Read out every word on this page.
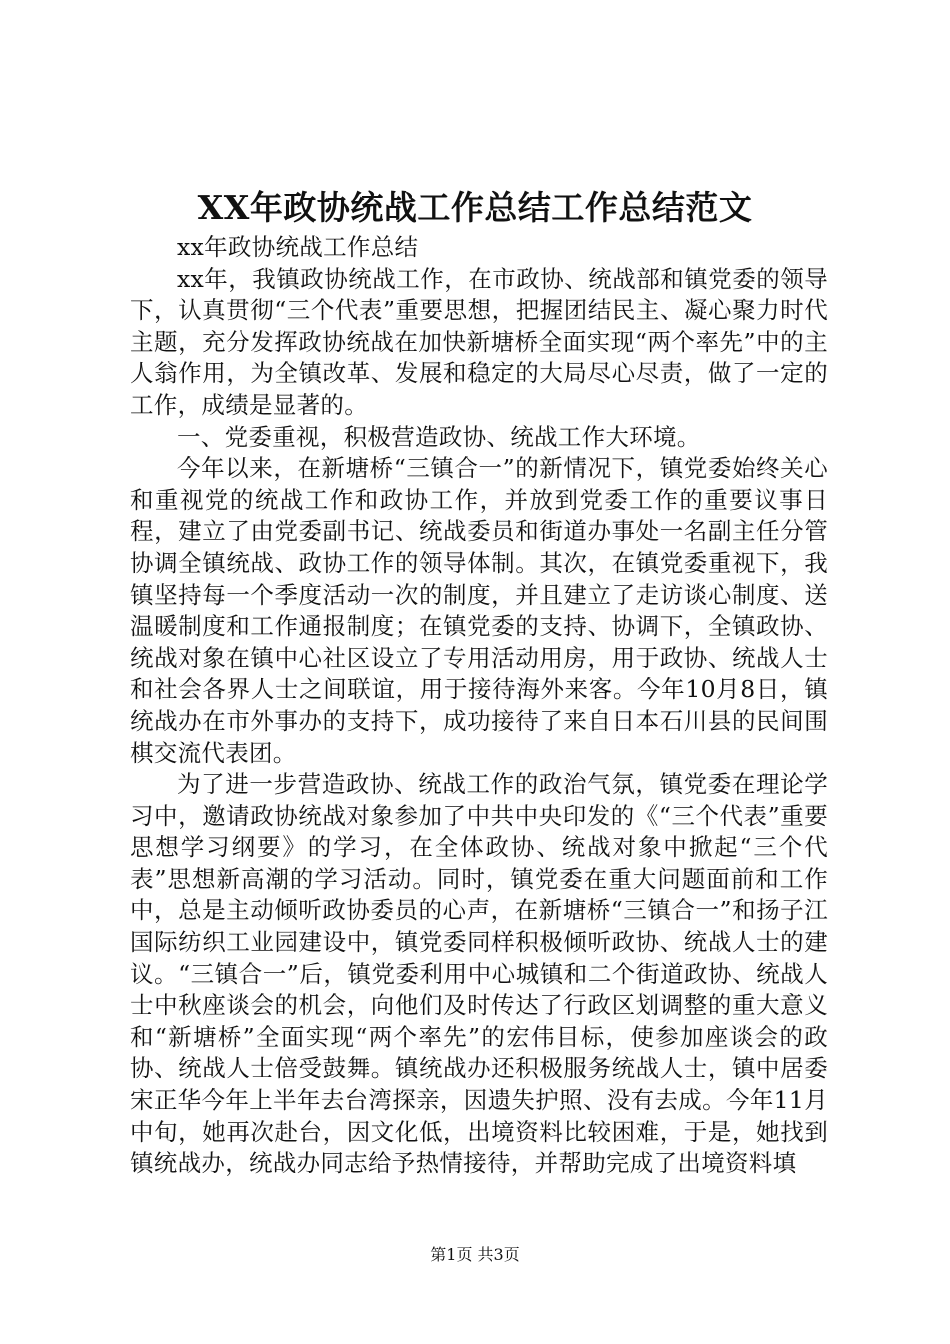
XX年政协统战工作总结工作总结范文

xx年政协统战工作总结

xx年，我镇政协统战工作，在市政协、统战部和镇党委的领导下，认真贯彻“三个代表”重要思想，把握团结民主、凝心聚力时代主题，充分发挥政协统战在加快新塘桥全面实现“两个率先”中的主人翁作用，为全镇改革、发展和稳定的大局尽心尽责，做了一定的工作，成绩是显著的。

一、党委重视，积极营造政协、统战工作大环境。

今年以来，在新塘桥“三镇合一”的新情况下，镇党委始终关心和重视党的统战工作和政协工作，并放到党委工作的重要议事日程，建立了由党委副书记、统战委员和街道办事处一名副主任分管协调全镇统战、政协工作的领导体制。其次，在镇党委重视下，我镇坚持每一个季度活动一次的制度，并且建立了走访谈心制度、送温暖制度和工作通报制度；在镇党委的支持、协调下，全镇政协、统战对象在镇中心社区设立了专用活动用房，用于政协、统战人士和社会各界人士之间联谊，用于接待海外来客。今年10月8日，镇统战办在市外事办的支持下，成功接待了来自日本石川县的民间围棋交流代表团。

为了进一步营造政协、统战工作的政治气氛，镇党委在理论学习中，邀请政协统战对象参加了中共中央印发的《“三个代表”重要思想学习纲要》的学习，在全体政协、统战对象中掀起“三个代表”思想新高潮的学习活动。同时，镇党委在重大问题面前和工作中，总是主动倾听政协委员的心声，在新塘桥“三镇合一”和扬子江国际纺织工业园建设中，镇党委同样积极倾听政协、统战人士的建议。“三镇合一”后，镇党委利用中心城镇和二个街道政协、统战人士中秋座谈会的机会，向他们及时传达了行政区划调整的重大意义和“新塘桥”全面实现“两个率先”的宏伟目标，使参加座谈会的政协、统战人士倍受鼓舞。镇统战办还积极服务统战人士，镇中居委宋正华今年上半年去台湾探亲，因遗失护照、没有去成。今年11月中旬，她再次赴台，因文化低，出境资料比较困难，于是，她找到镇统战办，统战办同志给予热情接待，并帮助完成了出境资料填

第1页 共3页
